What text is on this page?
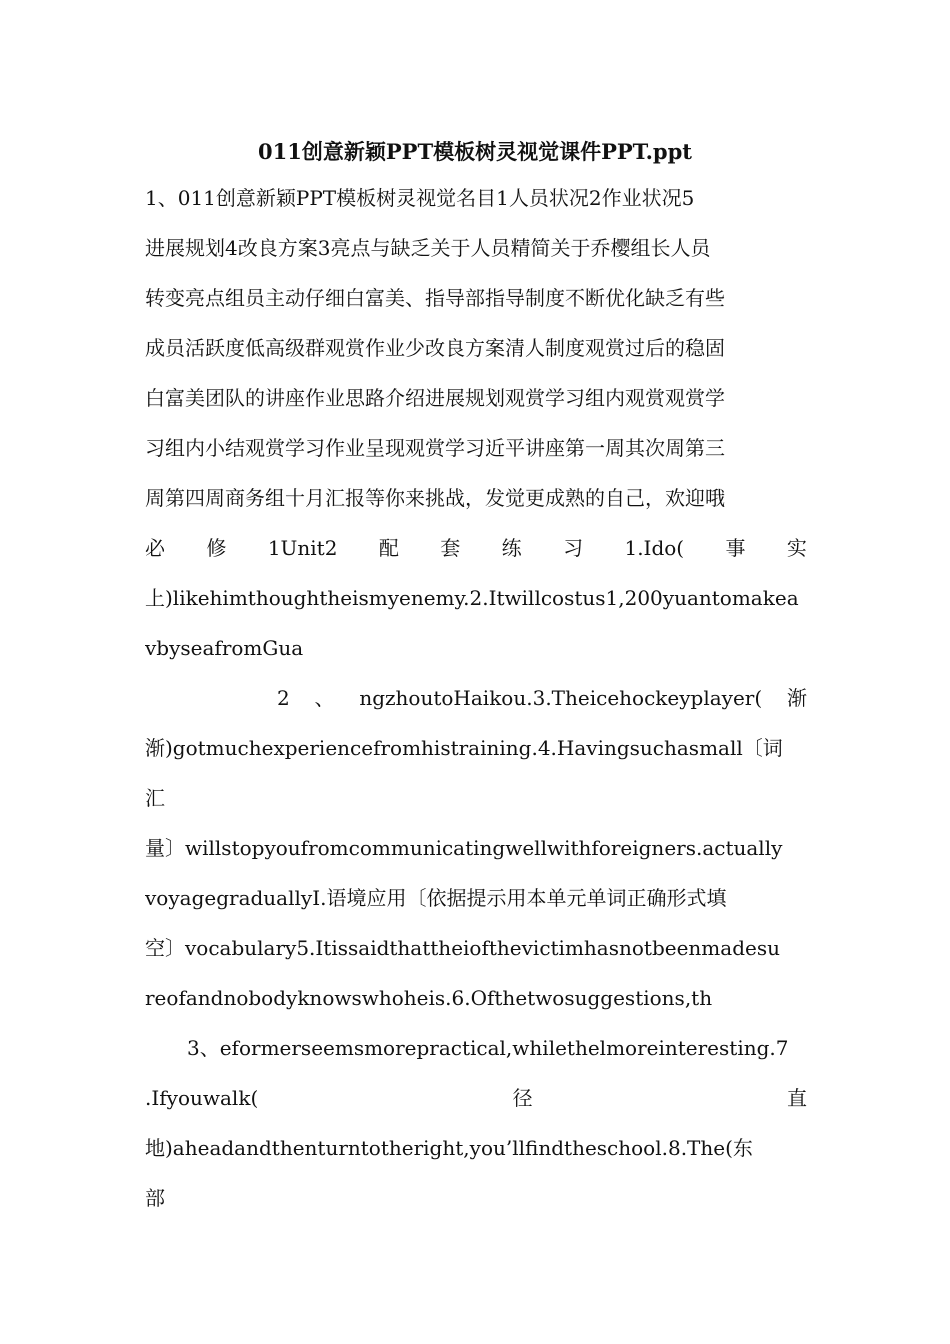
011创意新颖PPT模板树灵视觉课件PPT.ppt
1、011创意新颖PPT模板树灵视觉名目1人员状况2作业状况5
进展规划4改良方案3亮点与缺乏关于人员精简关于乔樱组长人员
转变亮点组员主动仔细白富美、指导部指导制度不断优化缺乏有些
成员活跃度低高级群观赏作业少改良方案清人制度观赏过后的稳固
白富美团队的讲座作业思路介绍进展规划观赏学习组内观赏观赏学
习组内小结观赏学习作业呈现观赏学习近平讲座第一周其次周第三
周第四周商务组十月汇报等你来挑战，发觉更成熟的自己，欢迎哦
必 修 1Unit2 配 套 练 习 1.Ido( 事 实
上)likehimthoughtheismyenemy.2.Itwillcostus1,200yuantomakea
vbyseafromGua
2 、 ngzhoutoHaikou.3.Theicehockeyplayer( 渐
渐)gotmuchexperiencefromhistraining.4.Havingsuchasmall〔词
汇
量〕willstopyoufromcommunicatingwellwithforeigners.actually
voyagegraduallyⅠ.语境应用〔依据提示用本单元单词正确形式填
空〕vocabulary5.Itissaidthattheiofthevictimhasnotbeenmadesu
reofandnobodyknowswhoheis.6.Ofthetwosuggestions,th
3、eformerseemsmorepractical,whilethelmoreinteresting.7
.Ifyouwalk(	径	直
地)aheadandthenturntotheright,you’llfindtheschool.8.The(东
部
